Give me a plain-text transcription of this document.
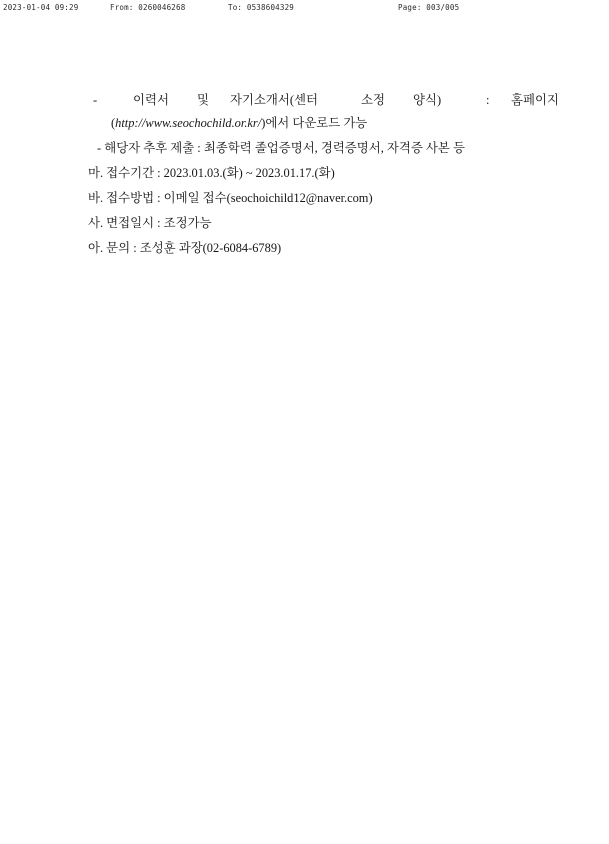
2023-01-04 09:29	From: 0260046268	To: 0538604329	Page: 003/005
-	이력서 및 자기소개서(센터	소정 양식)	: 홈페이지
(http://www.seochochild.or.kr/)에서 다운로드 가능
- 해당자 추후 제출 : 최종학력 졸업증명서, 경력증명서, 자격증 사본 등
마. 접수기간 : 2023.01.03.(화) ~ 2023.01.17.(화)
바. 접수방법 : 이메일 접수(seochoichild12@naver.com)
사. 면접일시 : 조정가능
아. 문의 : 조성훈 과장(02-6084-6789)
